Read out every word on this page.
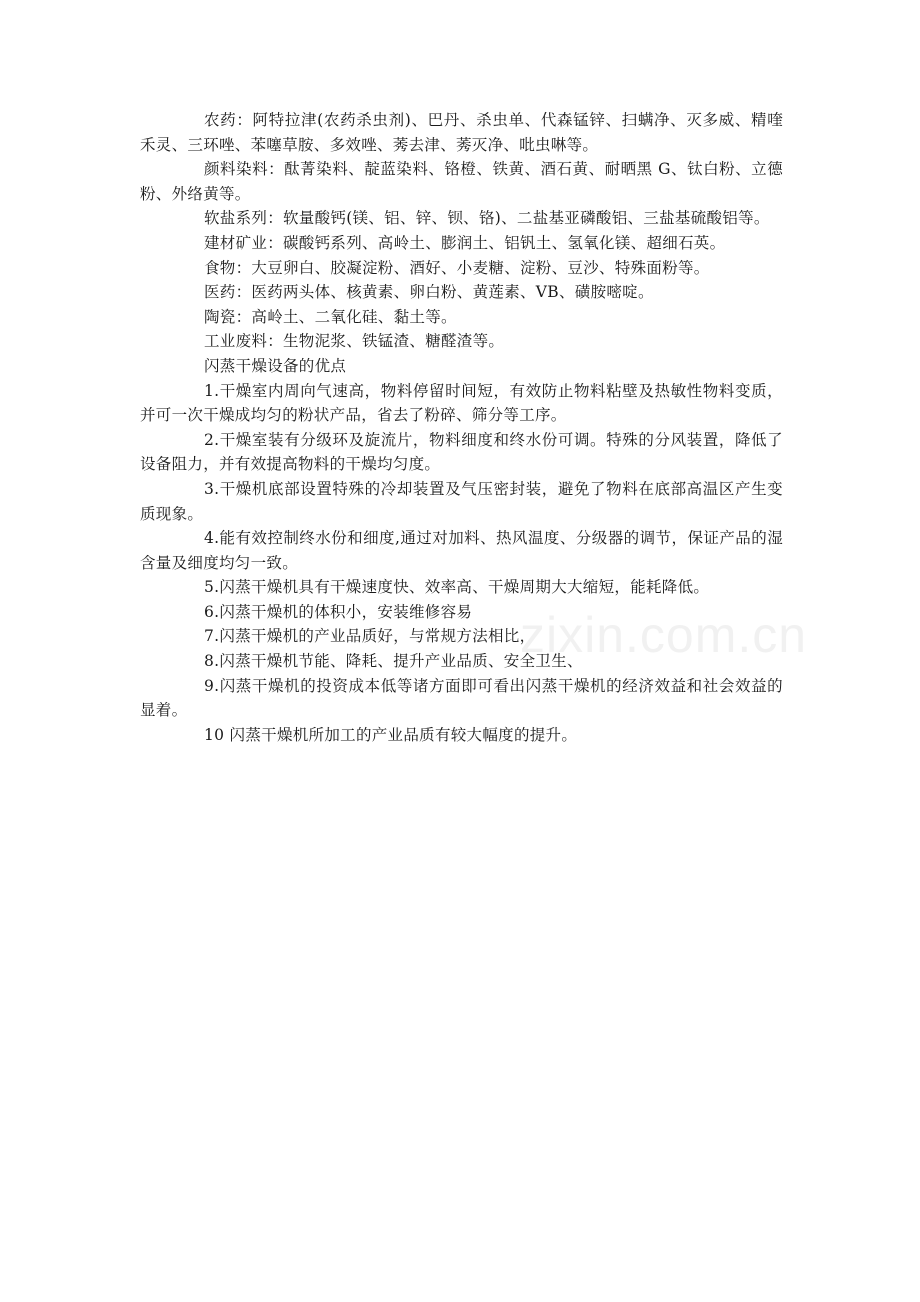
农药：阿特拉津(农药杀虫剂)、巴丹、杀虫单、代森锰锌、扫螨净、灭多威、精喹禾灵、三环唑、苯噻草胺、多效唑、莠去津、莠灭净、吡虫啉等。

颜料染料：酞菁染料、靛蓝染料、铬橙、铁黄、酒石黄、耐晒黑 G、钛白粉、立德粉、外络黄等。

软盐系列：软量酸钙(镁、铝、锌、钡、铬)、二盐基亚磷酸铝、三盐基硫酸铝等。

建材矿业：碳酸钙系列、高岭土、膨润土、铝钒土、氢氧化镁、超细石英。

食物：大豆卵白、胶凝淀粉、酒好、小麦糖、淀粉、豆沙、特殊面粉等。

医药：医药两头体、核黄素、卵白粉、黄莲素、VB、磺胺嘧啶。

陶瓷：高岭土、二氧化硅、黏土等。

工业废料：生物泥浆、铁锰渣、糖醛渣等。

闪蒸干燥设备的优点

1.干燥室内周向气速高，物料停留时间短，有效防止物料粘壁及热敏性物料变质，并可一次干燥成均匀的粉状产品，省去了粉碎、筛分等工序。

2.干燥室装有分级环及旋流片，物料细度和终水份可调。特殊的分风装置，降低了设备阻力，并有效提高物料的干燥均匀度。

3.干燥机底部设置特殊的冷却装置及气压密封装，避免了物料在底部高温区产生变质现象。

4.能有效控制终水份和细度,通过对加料、热风温度、分级器的调节，保证产品的湿含量及细度均匀一致。

5.闪蒸干燥机具有干燥速度快、效率高、干燥周期大大缩短，能耗降低。

6.闪蒸干燥机的体积小，安装维修容易

7.闪蒸干燥机的产业品质好，与常规方法相比，

8.闪蒸干燥机节能、降耗、提升产业品质、安全卫生、

9.闪蒸干燥机的投资成本低等诸方面即可看出闪蒸干燥机的经济效益和社会效益的显着。

10 闪蒸干燥机所加工的产业品质有较大幅度的提升。

zixin.com.cn
